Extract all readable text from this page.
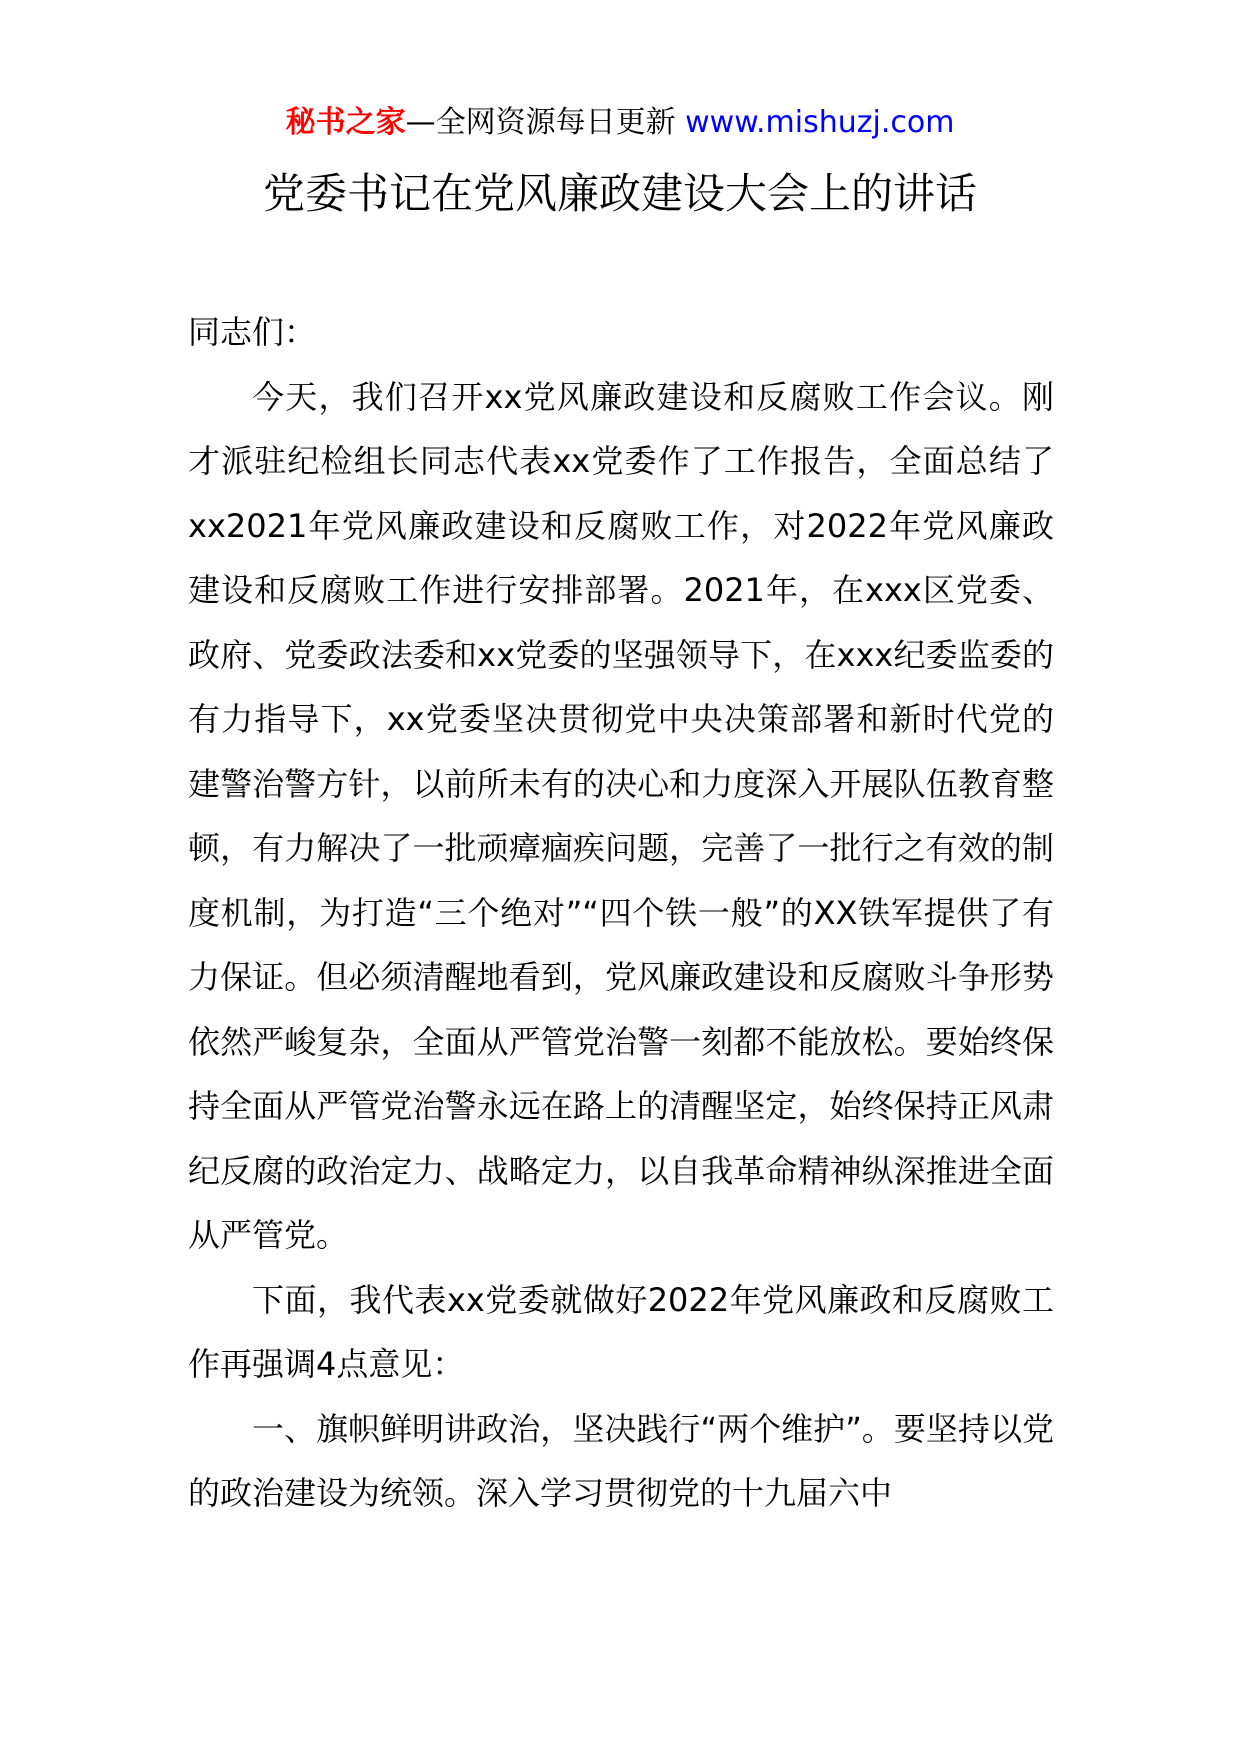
秘书之家—全网资源每日更新 www.mishuzj.com
党委书记在党风廉政建设大会上的讲话

同志们：

今天，我们召开xx党风廉政建设和反腐败工作会议。刚才派驻纪检组长同志代表xx党委作了工作报告，全面总结了xx2021年党风廉政建设和反腐败工作，对2022年党风廉政建设和反腐败工作进行安排部署。2021年，在xxx区党委、政府、党委政法委和xx党委的坚强领导下，在xxx纪委监委的有力指导下，xx党委坚决贯彻党中央决策部署和新时代党的建警治警方针，以前所未有的决心和力度深入开展队伍教育整顿，有力解决了一批顽瘴痼疾问题，完善了一批行之有效的制度机制，为打造“三个绝对”“四个铁一般”的XX铁军提供了有力保证。但必须清醒地看到，党风廉政建设和反腐败斗争形势依然严峻复杂，全面从严管党治警一刻都不能放松。要始终保持全面从严管党治警永远在路上的清醒坚定，始终保持正风肃纪反腐的政治定力、战略定力，以自我革命精神纵深推进全面从严管党。

下面，我代表xx党委就做好2022年党风廉政和反腐败工作再强调4点意见：

一、旗帜鲜明讲政治，坚决践行“两个维护”。要坚持以党的政治建设为统领。深入学习贯彻党的十九届六中
